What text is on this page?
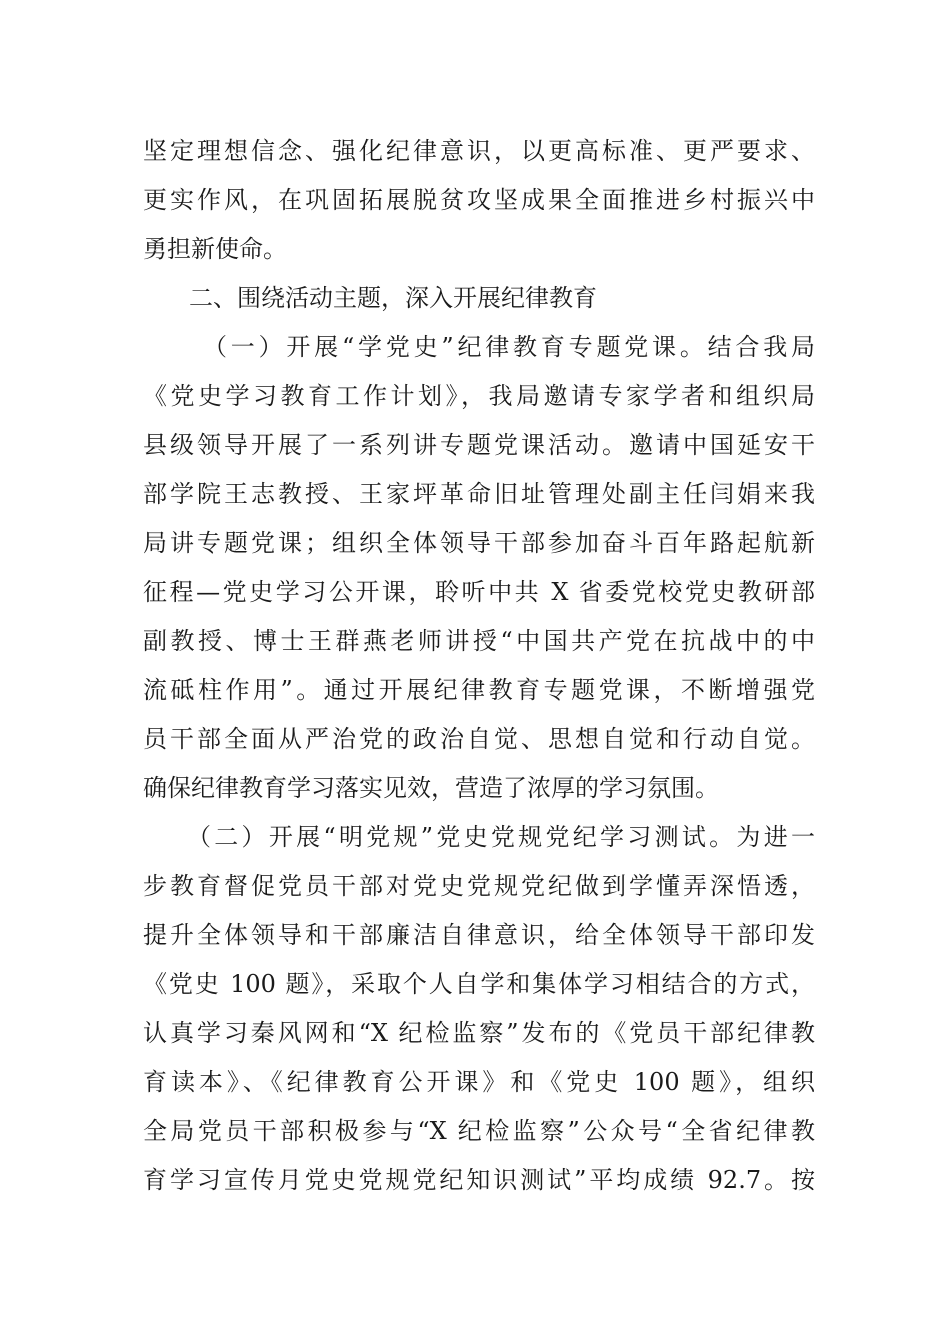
坚定理想信念、强化纪律意识，以更高标准、更严要求、
更实作风，在巩固拓展脱贫攻坚成果全面推进乡村振兴中
勇担新使命。
二、围绕活动主题，深入开展纪律教育
（一）开展“学党史”纪律教育专题党课。结合我局
《党史学习教育工作计划》，我局邀请专家学者和组织局
县级领导开展了一系列讲专题党课活动。邀请中国延安干
部学院王志教授、王家坪革命旧址管理处副主任闫娟来我
局讲专题党课；组织全体领导干部参加奋斗百年路起航新
征程—党史学习公开课，聆听中共 X 省委党校党史教研部
副教授、博士王群燕老师讲授“中国共产党在抗战中的中
流砥柱作用”。通过开展纪律教育专题党课，不断增强党
员干部全面从严治党的政治自觉、思想自觉和行动自觉。
确保纪律教育学习落实见效，营造了浓厚的学习氛围。
（二）开展“明党规”党史党规党纪学习测试。为进一
步教育督促党员干部对党史党规党纪做到学懂弄深悟透，
提升全体领导和干部廉洁自律意识，给全体领导干部印发
《党史 100 题》，采取个人自学和集体学习相结合的方式，
认真学习秦风网和“X 纪检监察”发布的《党员干部纪律教
育读本》、《纪律教育公开课》和《党史 100 题》，组织
全局党员干部积极参与“X 纪检监察”公众号“全省纪律教
育学习宣传月党史党规党纪知识测试”平均成绩 92.7。按
